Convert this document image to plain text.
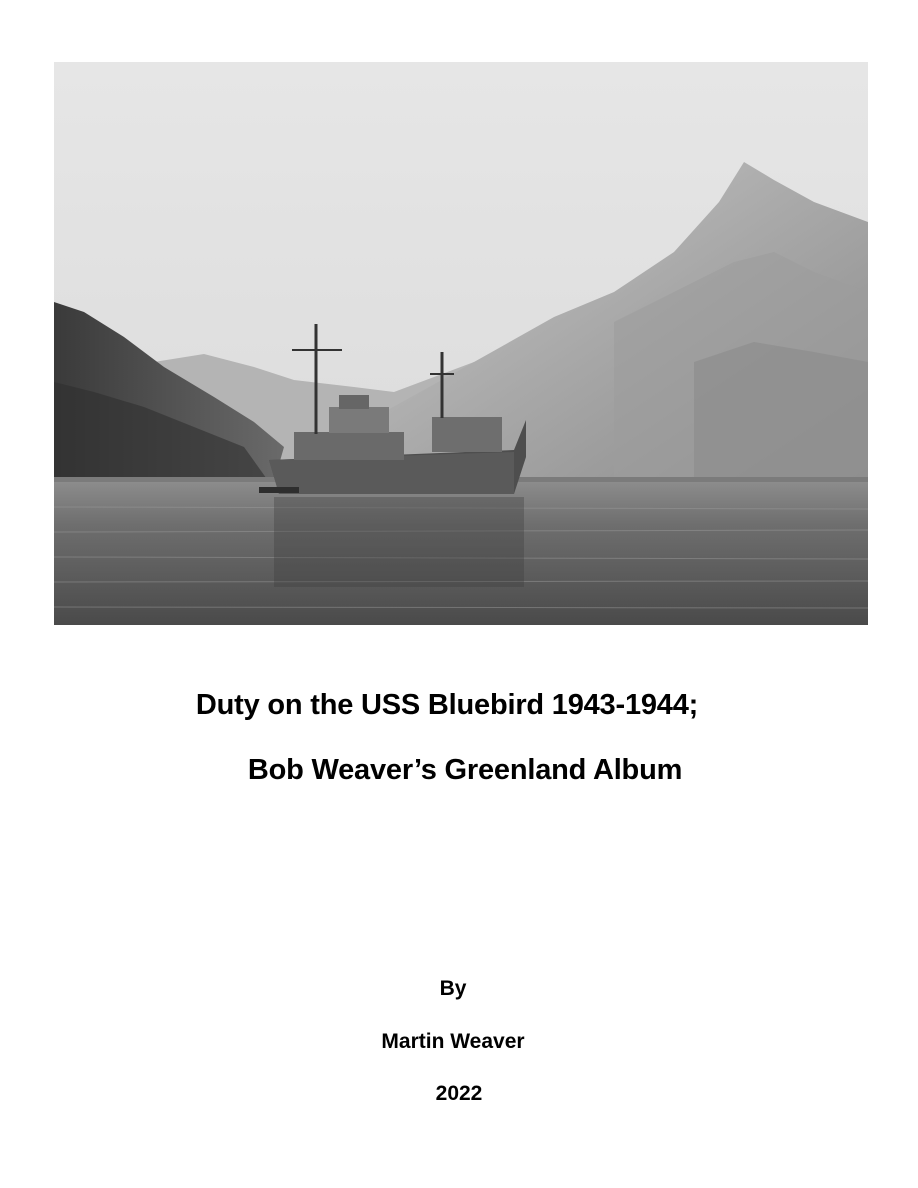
Duty on the USS Bluebird 1943-1944;
Bob Weaver’s Greenland Album
By
Martin Weaver
2022
